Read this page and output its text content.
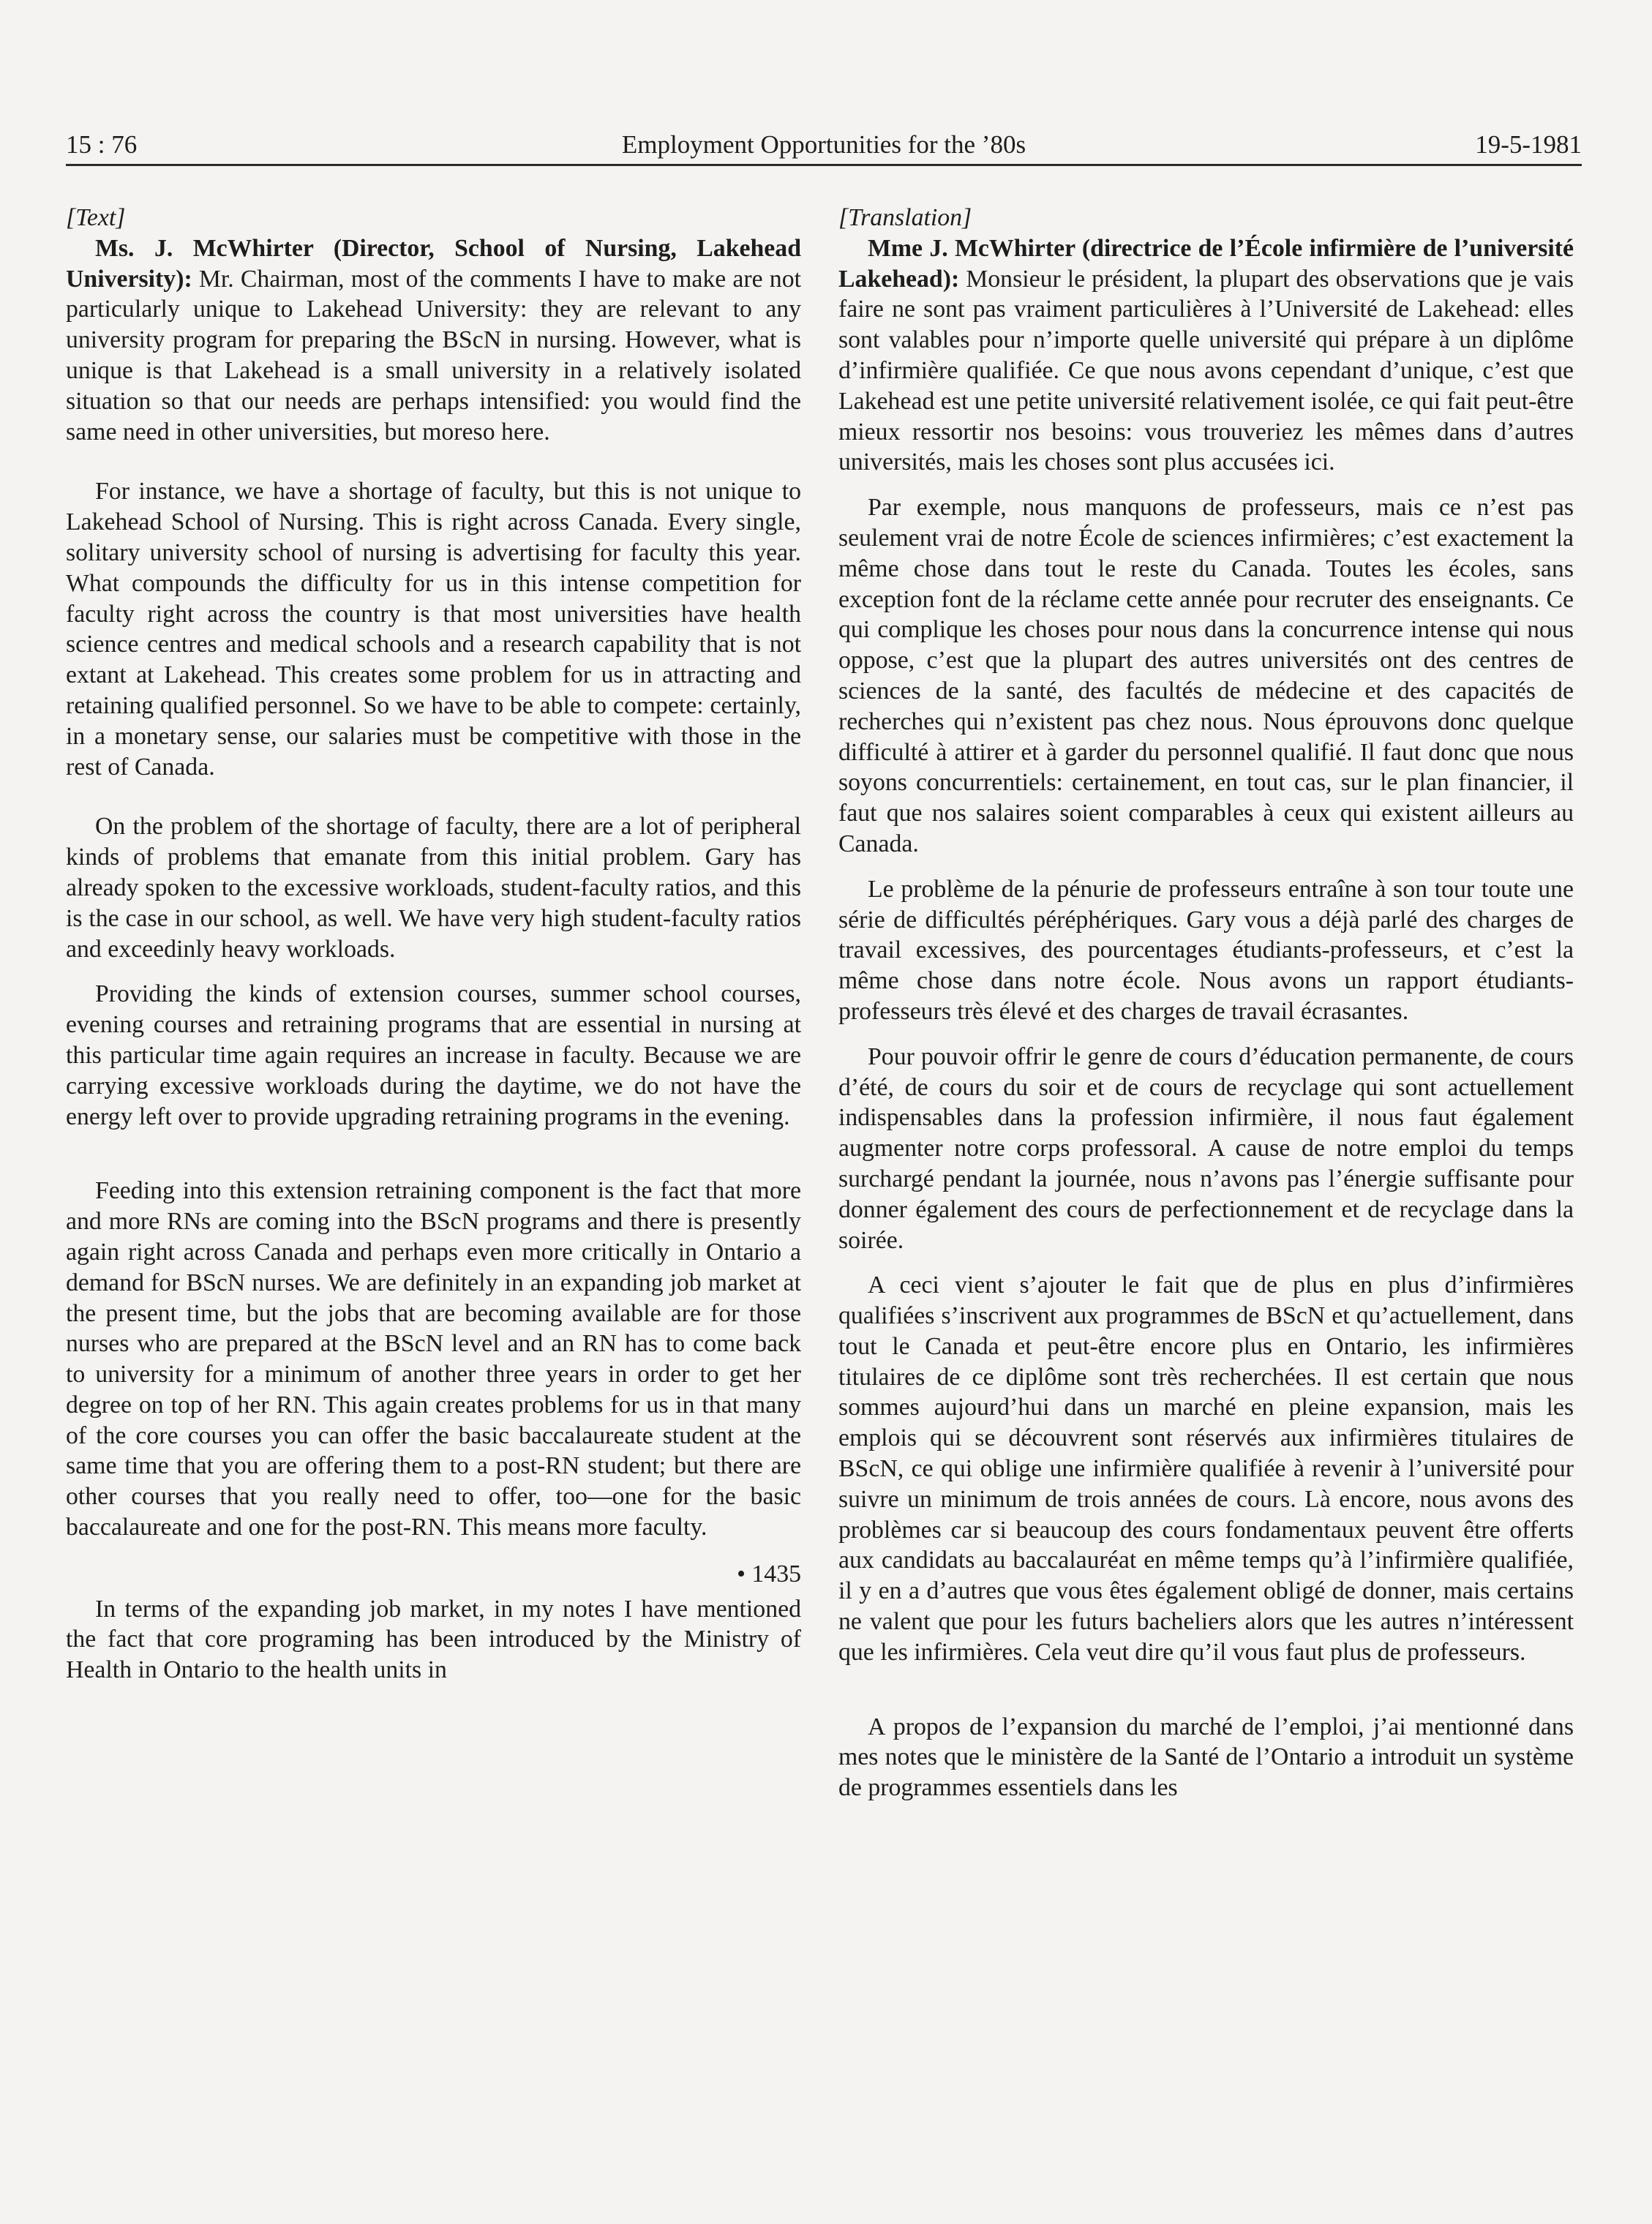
15 : 76	Employment Opportunities for the ’80s	19-5-1981

[Text]

Ms. J. McWhirter (Director, School of Nursing, Lakehead University): Mr. Chairman, most of the comments I have to make are not particularly unique to Lakehead University: they are relevant to any university program for preparing the BScN in nursing. However, what is unique is that Lakehead is a small university in a relatively isolated situation so that our needs are perhaps intensified: you would find the same need in other universities, but moreso here.

For instance, we have a shortage of faculty, but this is not unique to Lakehead School of Nursing. This is right across Canada. Every single, solitary university school of nursing is advertising for faculty this year. What compounds the difficulty for us in this intense competition for faculty right across the country is that most universities have health science centres and medical schools and a research capability that is not extant at Lakehead. This creates some problem for us in attracting and retaining qualified personnel. So we have to be able to compete: certainly, in a monetary sense, our salaries must be competitive with those in the rest of Canada.

On the problem of the shortage of faculty, there are a lot of peripheral kinds of problems that emanate from this initial problem. Gary has already spoken to the excessive workloads, student-faculty ratios, and this is the case in our school, as well. We have very high student-faculty ratios and exceedinly heavy workloads.

Providing the kinds of extension courses, summer school courses, evening courses and retraining programs that are essential in nursing at this particular time again requires an increase in faculty. Because we are carrying excessive workloads during the daytime, we do not have the energy left over to provide upgrading retraining programs in the evening.

Feeding into this extension retraining component is the fact that more and more RNs are coming into the BScN programs and there is presently again right across Canada and perhaps even more critically in Ontario a demand for BScN nurses. We are definitely in an expanding job market at the present time, but the jobs that are becoming available are for those nurses who are prepared at the BScN level and an RN has to come back to university for a minimum of another three years in order to get her degree on top of her RN. This again creates problems for us in that many of the core courses you can offer the basic baccalaureate student at the same time that you are offering them to a post-RN student; but there are other courses that you really need to offer, too—one for the basic baccalaureate and one for the post-RN. This means more faculty.

• 1435

In terms of the expanding job market, in my notes I have mentioned the fact that core programing has been introduced by the Ministry of Health in Ontario to the health units in

[Translation]

Mme J. McWhirter (directrice de l’École infirmière de l’université Lakehead): Monsieur le président, la plupart des observations que je vais faire ne sont pas vraiment particulières à l’Université de Lakehead: elles sont valables pour n’importe quelle université qui prépare à un diplôme d’infirmière qualifiée. Ce que nous avons cependant d’unique, c’est que Lakehead est une petite université relativement isolée, ce qui fait peut-être mieux ressortir nos besoins: vous trouveriez les mêmes dans d’autres universités, mais les choses sont plus accusées ici.

Par exemple, nous manquons de professeurs, mais ce n’est pas seulement vrai de notre École de sciences infirmières; c’est exactement la même chose dans tout le reste du Canada. Toutes les écoles, sans exception font de la réclame cette année pour recruter des enseignants. Ce qui complique les choses pour nous dans la concurrence intense qui nous oppose, c’est que la plupart des autres universités ont des centres de sciences de la santé, des facultés de médecine et des capacités de recherches qui n’existent pas chez nous. Nous éprouvons donc quelque difficulté à attirer et à garder du personnel qualifié. Il faut donc que nous soyons concurrentiels: certainement, en tout cas, sur le plan financier, il faut que nos salaires soient comparables à ceux qui existent ailleurs au Canada.

Le problème de la pénurie de professeurs entraîne à son tour toute une série de difficultés péréphériques. Gary vous a déjà parlé des charges de travail excessives, des pourcentages étudiants-professeurs, et c’est la même chose dans notre école. Nous avons un rapport étudiants-professeurs très élevé et des charges de travail écrasantes.

Pour pouvoir offrir le genre de cours d’éducation permanente, de cours d’été, de cours du soir et de cours de recyclage qui sont actuellement indispensables dans la profession infirmière, il nous faut également augmenter notre corps professoral. A cause de notre emploi du temps surchargé pendant la journée, nous n’avons pas l’énergie suffisante pour donner également des cours de perfectionnement et de recyclage dans la soirée.

A ceci vient s’ajouter le fait que de plus en plus d’infirmières qualifiées s’inscrivent aux programmes de BScN et qu’actuellement, dans tout le Canada et peut-être encore plus en Ontario, les infirmières titulaires de ce diplôme sont très recherchées. Il est certain que nous sommes aujourd’hui dans un marché en pleine expansion, mais les emplois qui se découvrent sont réservés aux infirmières titulaires de BScN, ce qui oblige une infirmière qualifiée à revenir à l’université pour suivre un minimum de trois années de cours. Là encore, nous avons des problèmes car si beaucoup des cours fondamentaux peuvent être offerts aux candidats au baccalauréat en même temps qu’à l’infirmière qualifiée, il y en a d’autres que vous êtes également obligé de donner, mais certains ne valent que pour les futurs bacheliers alors que les autres n’intéressent que les infirmières. Cela veut dire qu’il vous faut plus de professeurs.

A propos de l’expansion du marché de l’emploi, j’ai mentionné dans mes notes que le ministère de la Santé de l’Ontario a introduit un système de programmes essentiels dans les
